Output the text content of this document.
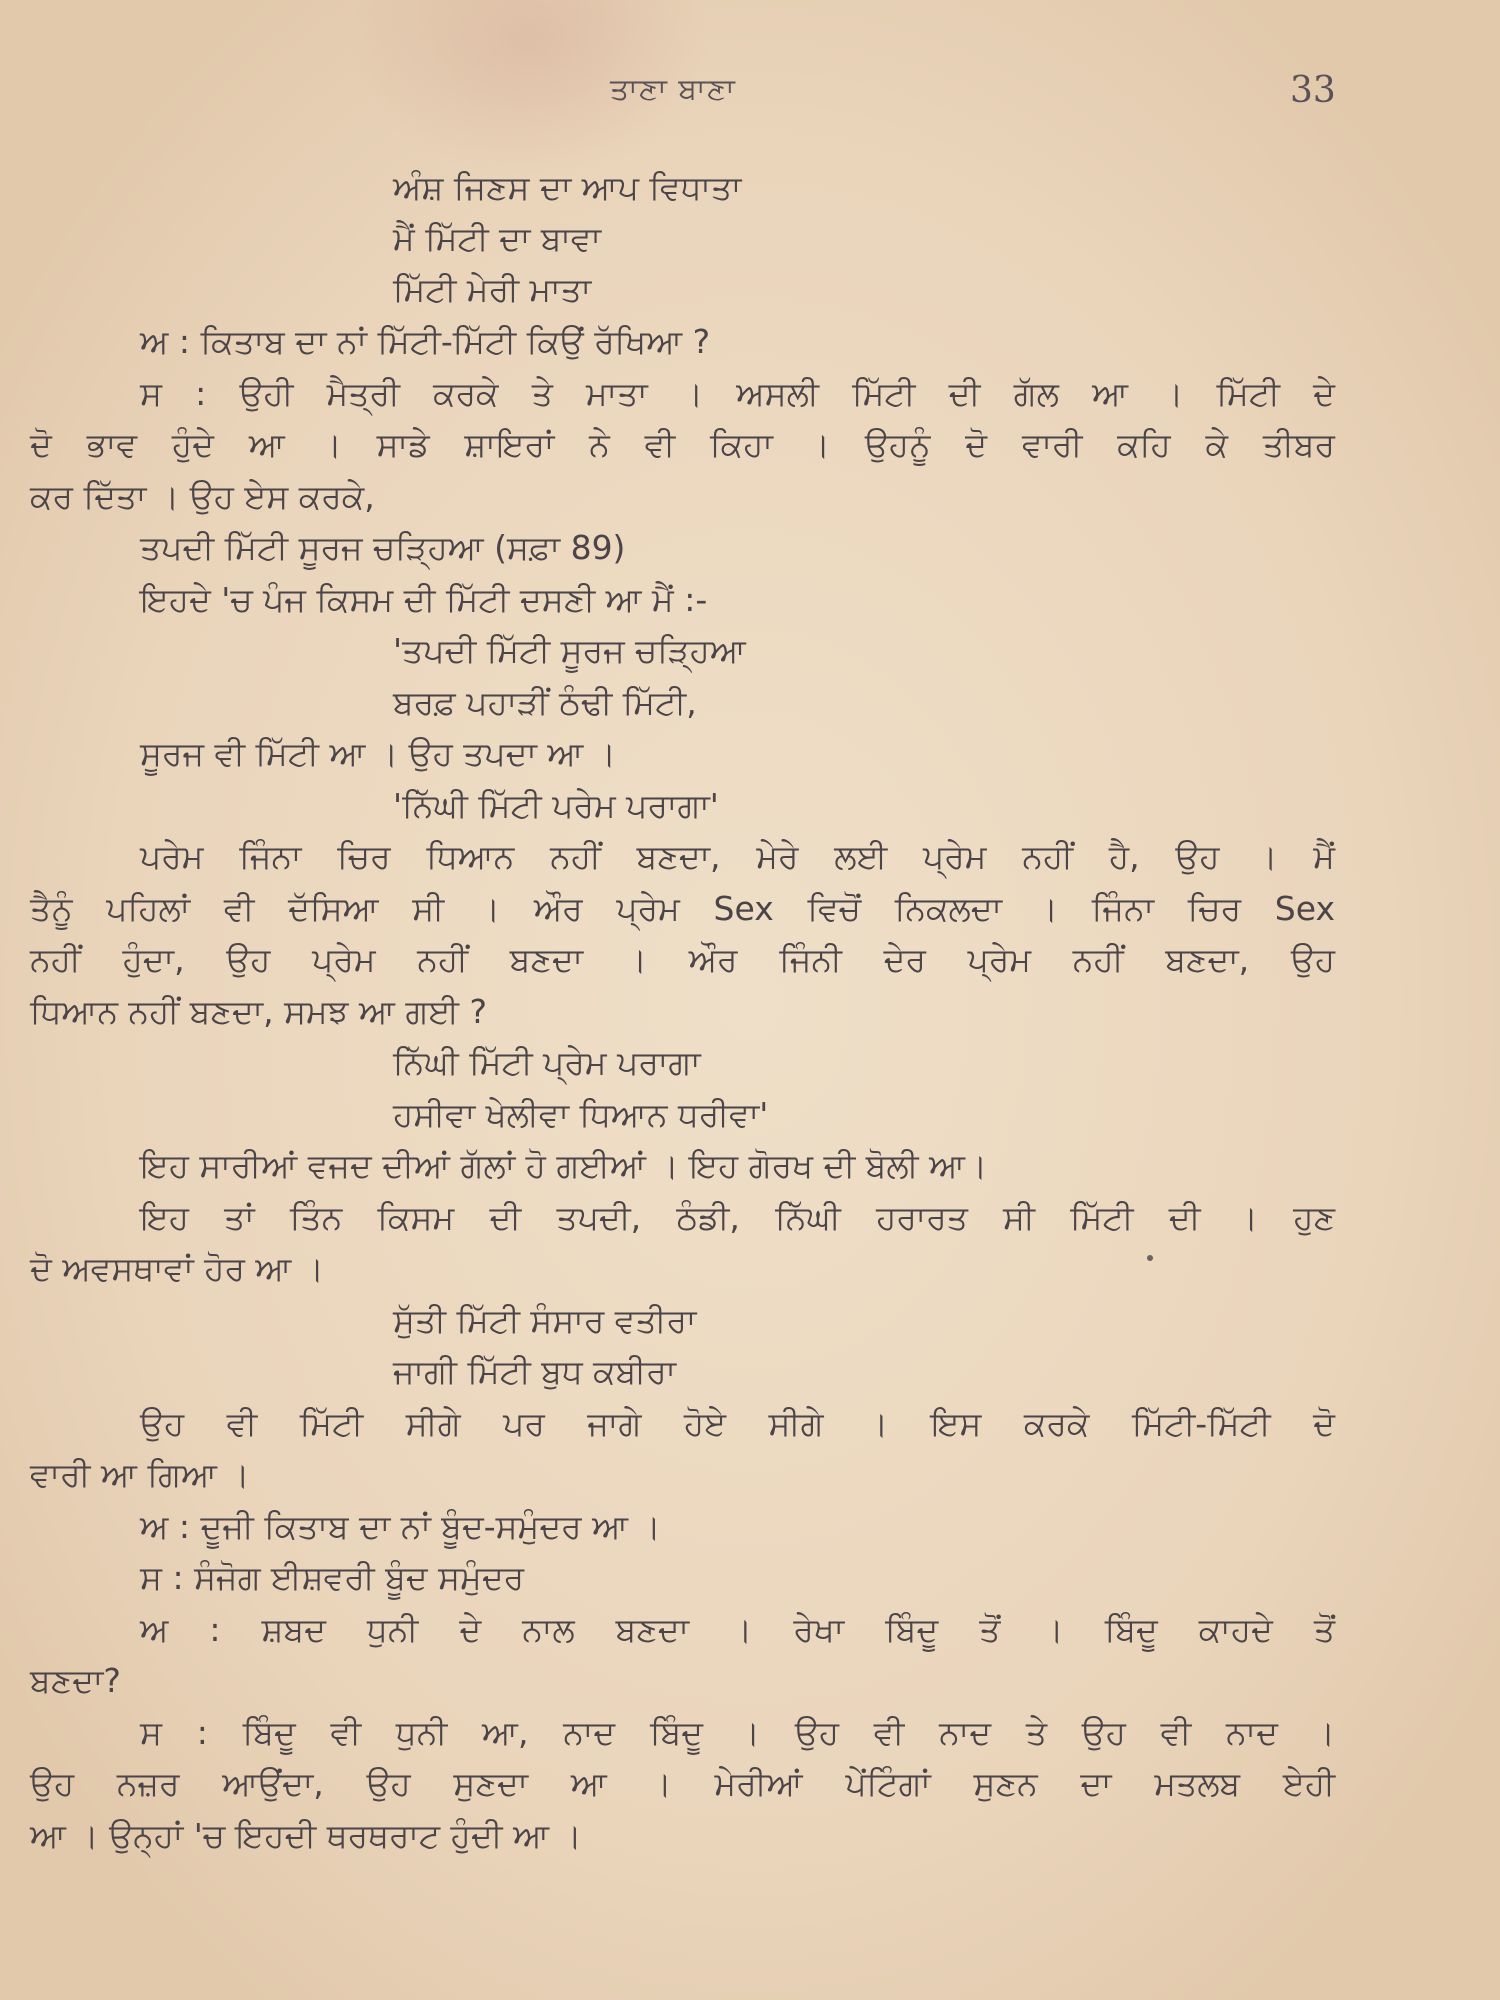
ਤਾਣਾ ਬਾਣਾ	33
ਅੰਸ਼ ਜਿਣਸ ਦਾ ਆਪ ਵਿਧਾਤਾ
ਮੈਂ ਮਿੱਟੀ ਦਾ ਬਾਵਾ
ਮਿੱਟੀ ਮੇਰੀ ਮਾਤਾ
ਅ : ਕਿਤਾਬ ਦਾ ਨਾਂ ਮਿੱਟੀ-ਮਿੱਟੀ ਕਿਉਂ ਰੱਖਿਆ ?
ਸ : ਉਹੀ ਮੈਤ੍ਰੀ ਕਰਕੇ ਤੇ ਮਾਤਾ । ਅਸਲੀ ਮਿੱਟੀ ਦੀ ਗੱਲ ਆ । ਮਿੱਟੀ ਦੇ
ਦੋ ਭਾਵ ਹੁੰਦੇ ਆ । ਸਾਡੇ ਸ਼ਾਇਰਾਂ ਨੇ ਵੀ ਕਿਹਾ । ਉਹਨੂੰ ਦੋ ਵਾਰੀ ਕਹਿ ਕੇ ਤੀਬਰ
ਕਰ ਦਿੱਤਾ । ਉਹ ਏਸ ਕਰਕੇ,
ਤਪਦੀ ਮਿੱਟੀ ਸੂਰਜ ਚੜ੍ਹਿਆ (ਸਫ਼ਾ 89)
ਇਹਦੇ 'ਚ ਪੰਜ ਕਿਸਮ ਦੀ ਮਿੱਟੀ ਦਸਣੀ ਆ ਮੈਂ :-
'ਤਪਦੀ ਮਿੱਟੀ ਸੂਰਜ ਚੜ੍ਹਿਆ
ਬਰਫ਼ ਪਹਾੜੀਂ ਠੰਢੀ ਮਿੱਟੀ,
ਸੂਰਜ ਵੀ ਮਿੱਟੀ ਆ । ਉਹ ਤਪਦਾ ਆ ।
'ਨਿੱਘੀ ਮਿੱਟੀ ਪਰੇਮ ਪਰਾਗਾ'
ਪਰੇਮ ਜਿੰਨਾ ਚਿਰ ਧਿਆਨ ਨਹੀਂ ਬਣਦਾ, ਮੇਰੇ ਲਈ ਪ੍ਰੇਮ ਨਹੀਂ ਹੈ, ਉਹ । ਮੈਂ
ਤੈਨੂੰ ਪਹਿਲਾਂ ਵੀ ਦੱਸਿਆ ਸੀ । ਔਰ ਪ੍ਰੇਮ Sex ਵਿਚੋਂ ਨਿਕਲਦਾ । ਜਿੰਨਾ ਚਿਰ Sex
ਨਹੀਂ ਹੁੰਦਾ, ਉਹ ਪ੍ਰੇਮ ਨਹੀਂ ਬਣਦਾ । ਔਰ ਜਿੰਨੀ ਦੇਰ ਪ੍ਰੇਮ ਨਹੀਂ ਬਣਦਾ, ਉਹ
ਧਿਆਨ ਨਹੀਂ ਬਣਦਾ, ਸਮਝ ਆ ਗਈ ?
ਨਿੱਘੀ ਮਿੱਟੀ ਪ੍ਰੇਮ ਪਰਾਗਾ
ਹਸੀਵਾ ਖੇਲੀਵਾ ਧਿਆਨ ਧਰੀਵਾ'
ਇਹ ਸਾਰੀਆਂ ਵਜਦ ਦੀਆਂ ਗੱਲਾਂ ਹੋ ਗਈਆਂ । ਇਹ ਗੋਰਖ ਦੀ ਬੋਲੀ ਆ।
ਇਹ ਤਾਂ ਤਿੰਨ ਕਿਸਮ ਦੀ ਤਪਦੀ, ਠੰਡੀ, ਨਿੱਘੀ ਹਰਾਰਤ ਸੀ ਮਿੱਟੀ ਦੀ । ਹੁਣ
ਦੋ ਅਵਸਥਾਵਾਂ ਹੋਰ ਆ ।
ਸੁੱਤੀ ਮਿੱਟੀ ਸੰਸਾਰ ਵਤੀਰਾ
ਜਾਗੀ ਮਿੱਟੀ ਬੁਧ ਕਬੀਰਾ
ਉਹ ਵੀ ਮਿੱਟੀ ਸੀਗੇ ਪਰ ਜਾਗੇ ਹੋਏ ਸੀਗੇ । ਇਸ ਕਰਕੇ ਮਿੱਟੀ-ਮਿੱਟੀ ਦੋ
ਵਾਰੀ ਆ ਗਿਆ ।
ਅ : ਦੂਜੀ ਕਿਤਾਬ ਦਾ ਨਾਂ ਬੂੰਦ-ਸਮੁੰਦਰ ਆ ।
ਸ : ਸੰਜੋਗ ਈਸ਼ਵਰੀ ਬੂੰਦ ਸਮੁੰਦਰ
ਅ : ਸ਼ਬਦ ਧੁਨੀ ਦੇ ਨਾਲ ਬਣਦਾ । ਰੇਖਾ ਬਿੰਦੂ ਤੋਂ । ਬਿੰਦੂ ਕਾਹਦੇ ਤੋਂ
ਬਣਦਾ?
ਸ : ਬਿੰਦੂ ਵੀ ਧੁਨੀ ਆ, ਨਾਦ ਬਿੰਦੂ । ਉਹ ਵੀ ਨਾਦ ਤੇ ਉਹ ਵੀ ਨਾਦ ।
ਉਹ ਨਜ਼ਰ ਆਉਂਦਾ, ਉਹ ਸੁਣਦਾ ਆ । ਮੇਰੀਆਂ ਪੇਂਟਿੰਗਾਂ ਸੁਣਨ ਦਾ ਮਤਲਬ ਏਹੀ
ਆ । ਉਨ੍ਹਾਂ 'ਚ ਇਹਦੀ ਥਰਥਰਾਟ ਹੁੰਦੀ ਆ ।
